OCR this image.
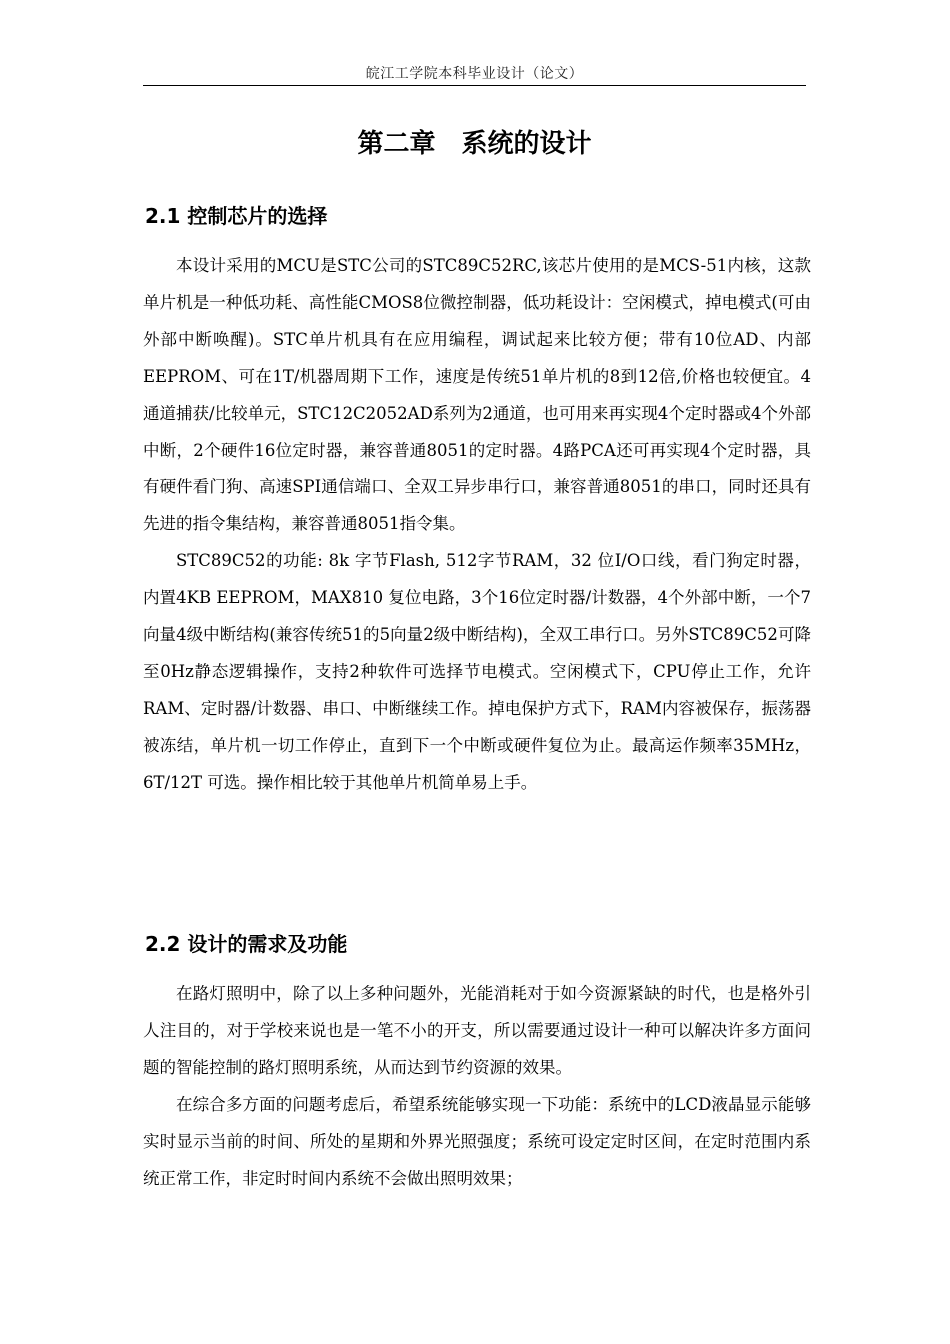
皖江工学院本科毕业设计（论文）
第二章　系统的设计
2.1 控制芯片的选择

本设计采用的MCU是STC公司的STC89C52RC,该芯片使用的是MCS-51内核，这款单片机是一种低功耗、高性能CMOS8位微控制器，低功耗设计：空闲模式，掉电模式(可由外部中断唤醒)。STC单片机具有在应用编程，调试起来比较方便；带有10位AD、内部EEPROM、可在1T/机器周期下工作，速度是传统51单片机的8到12倍,价格也较便宜。4通道捕获/比较单元，STC12C2052AD系列为2通道，也可用来再实现4个定时器或4个外部中断，2个硬件16位定时器，兼容普通8051的定时器。4路PCA还可再实现4个定时器，具有硬件看门狗、高速SPI通信端口、全双工异步串行口，兼容普通8051的串口，同时还具有先进的指令集结构，兼容普通8051指令集。

STC89C52的功能: 8k 字节Flash, 512字节RAM，32 位I/O口线，看门狗定时器，内置4KB EEPROM，MAX810 复位电路，3个16位定时器/计数器，4个外部中断，一个7向量4级中断结构(兼容传统51的5向量2级中断结构)，全双工串行口。另外STC89C52可降至0Hz静态逻辑操作，支持2种软件可选择节电模式。空闲模式下，CPU停止工作，允许RAM、定时器/计数器、串口、中断继续工作。掉电保护方式下，RAM内容被保存，振荡器被冻结，单片机一切工作停止，直到下一个中断或硬件复位为止。最高运作频率35MHz，6T/12T 可选。操作相比较于其他单片机简单易上手。

2.2 设计的需求及功能

在路灯照明中，除了以上多种问题外，光能消耗对于如今资源紧缺的时代，也是格外引人注目的，对于学校来说也是一笔不小的开支，所以需要通过设计一种可以解决许多方面问题的智能控制的路灯照明系统，从而达到节约资源的效果。

在综合多方面的问题考虑后，希望系统能够实现一下功能：系统中的LCD液晶显示能够实时显示当前的时间、所处的星期和外界光照强度；系统可设定定时区间，在定时范围内系统正常工作，非定时时间内系统不会做出照明效果；
